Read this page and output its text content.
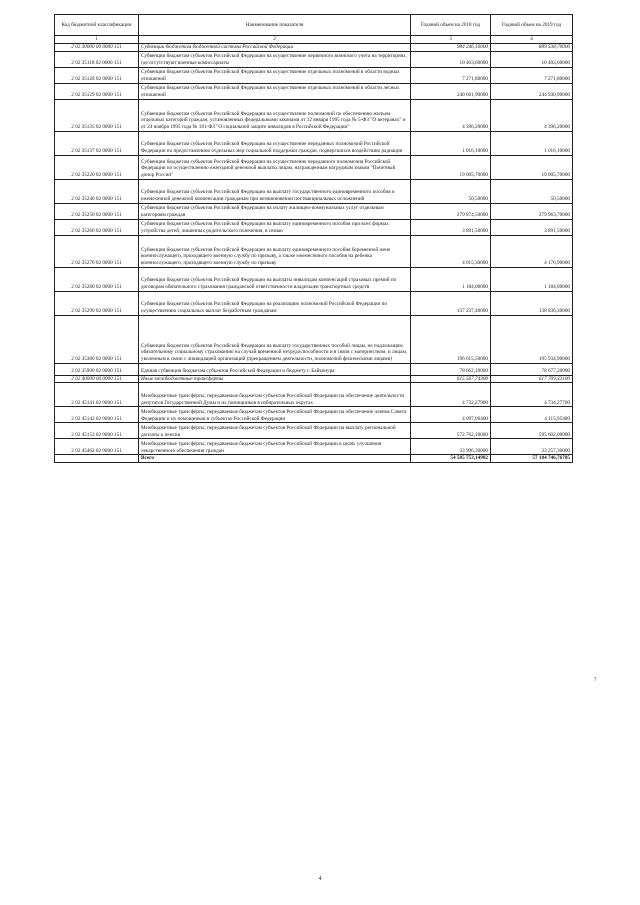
Код бюджетной классификации	Наименование показателя	Годовой объем на 2018 год	Годовой объем на 2019 год
1	2	3	4
2 02 30000 00 0000 151	Субвенции бюджетам бюджетной системы Российской Федерации	984 246,10000	889 538,70000
2 02 35118 02 0000 151	Субвенции бюджетам субъектов Российской Федерации на осуществление первичного воинского учета на территориях, где отсутствуют военные комиссариаты	10 403,60000	10 403,60000
2 02 35128 02 0000 151	Субвенции бюджетам субъектов Российской Федерации на осуществление отдельных полномочий в области водных отношений	7 271,80000	7 271,80000
2 02 35129 02 0000 151	Субвенции бюджетам субъектов Российской Федерации на осуществление отдельных полномочий в области лесных отношений	240 601,90000	244 930,90000
2 02 35135 02 0000 151	Субвенции бюджетам субъектов Российской Федерации на осуществление полномочий по обеспечению жильем отдельных категорий граждан, установленных федеральными законами от 12 января 1995 года № 5-ФЗ "О ветеранах" и от 24 ноября 1995 года № 181-ФЗ "О социальной защите инвалидов в Российской Федерации"	4 396,20000	4 396,20000
2 02 35137 02 0000 151	Субвенции бюджетам субъектов Российской Федерации на осуществление переданных полномочий Российской Федерации по предоставлению отдельных мер социальной поддержки граждан, подвергшихся воздействию радиации	1 016,10000	1 016,10000
2 02 35220 02 0000 151	Субвенции бюджетам субъектов Российской Федерации на осуществление переданного полномочия Российской Федерации по осуществлению ежегодной денежной выплаты лицам, награжденным нагрудным знаком "Почетный донор России"	19 005,70000	19 005,70000
2 02 35240 02 0000 151	Субвенции бюджетам субъектов Российской Федерации на выплату государственного единовременного пособия и ежемесячной денежной компенсации гражданам при возникновении поствакцинальных осложнений	50,50000	50,50000
2 02 35250 02 0000 151	Субвенции бюджетам субъектов Российской Федерации на оплату жилищно-коммунальных услуг отдельным категориям граждан	279 874,50000	279 963,70000
2 02 35260 02 0000 151	Субвенции бюджетам субъектов Российской Федерации на выплату единовременного пособия при всех формах устройства детей, лишенных родительского попечения, в семью	3 891,50000	3 891,50000
2 02 35270 02 0000 151	Субвенции бюджетам субъектов Российской Федерации на выплату единовременного пособия беременной жене военнослужащего, проходящего военную службу по призыву, а также ежемесячного пособия на ребенка военнослужащего, проходящего военную службу по призыву	4 015,30000	4 176,90000
2 02 35280 02 0000 151	Субвенции бюджетам субъектов Российской Федерации на выплаты инвалидам компенсаций страховых премий по договорам обязательного страхования гражданской ответственности владельцев транспортных средств	1 184,00000	1 184,00000
2 02 35290 02 0000 151	Субвенции бюджетам субъектов Российской Федерации на реализацию полномочий Российской Федерации по осуществлению социальных выплат безработным гражданам	137 237,40000	138 836,30000
2 02 35380 02 0000 151	Субвенции бюджетам субъектов Российской Федерации на выплату государственных пособий лицам, не подлежащим обязательному социальному страхованию на случай временной нетрудоспособности и в связи с материнством, и лицам, уволенным в связи с ликвидацией организаций (прекращением деятельности, полномочий физическими лицами)	196 615,50000	195 934,90000
2 02 35900 02 0000 151	Единая субвенция бюджетам субъектов Российской Федерации и бюджету г. Байконура	78 662,10000	78 677,20000
2 02 40000 00 0000 151	Иные межбюджетные трансферты	615 567,74300	617 709,33100
2 02 45141 02 0000 151	Межбюджетные трансферты, передаваемые бюджетам субъектов Российской Федерации на обеспечение деятельности депутатов Государственной Думы и их помощников в избирательных округах	4 732,27900	4 734,27700
2 02 45142 02 0000 151	Межбюджетные трансферты, передаваемые бюджетам субъектов Российской Федерации на обеспечение членов Совета Федерации и их помощников в субъектах Российской Федерации	4 097,06400	4 115,95400
2 02 45153 02 0000 151	Межбюджетные трансферты, передаваемые бюджетам субъектов Российской Федерации на выплату региональной доплаты к пенсии	572 762,10000	595 602,00000
2 02 45462 02 0000 151	Межбюджетные трансферты, передаваемые бюджетам субъектов Российской Федерации в целях улучшения лекарственного обеспечения граждан	33 996,30000	33 257,30000
	Всего	54 585 753,14982	57 184 746,76785
7
4
